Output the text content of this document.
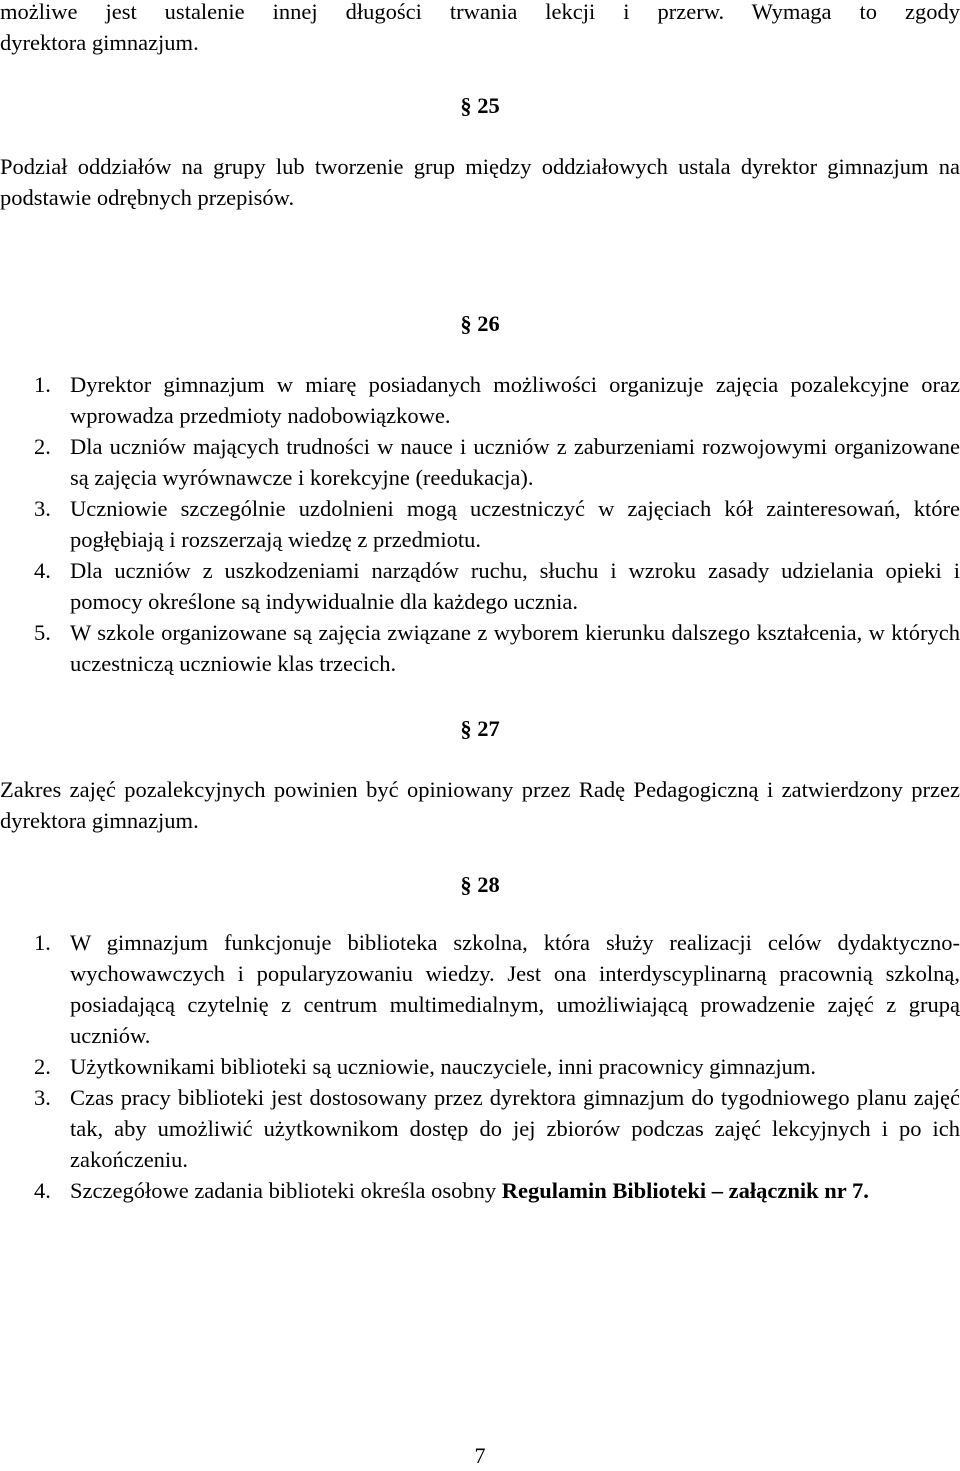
możliwe jest ustalenie innej długości trwania lekcji i przerw. Wymaga to zgody

dyrektora gimnazjum.

§ 25

Podział oddziałów na grupy lub tworzenie grup między oddziałowych ustala dyrektor gimnazjum na podstawie odrębnych przepisów.

§ 26
1. Dyrektor gimnazjum w miarę posiadanych możliwości organizuje zajęcia pozalekcyjne oraz wprowadza przedmioty nadobowiązkowe.
2. Dla uczniów mających trudności w nauce i uczniów z zaburzeniami rozwojowymi organizowane są zajęcia wyrównawcze i korekcyjne (reedukacja).
3. Uczniowie szczególnie uzdolnieni mogą uczestniczyć w zajęciach kół zainteresowań, które pogłębiają i rozszerzają wiedzę z przedmiotu.
4. Dla uczniów z uszkodzeniami narządów ruchu, słuchu i wzroku zasady udzielania opieki i pomocy określone są indywidualnie dla każdego ucznia.
5. W szkole organizowane są zajęcia związane z wyborem kierunku dalszego kształcenia, w których uczestniczą uczniowie klas trzecich.
§ 27

Zakres zajęć pozalekcyjnych powinien być opiniowany przez Radę Pedagogiczną i zatwierdzony przez dyrektora gimnazjum.

§ 28
1. W gimnazjum funkcjonuje biblioteka szkolna, która służy realizacji celów dydaktyczno-wychowawczych i popularyzowaniu wiedzy. Jest ona interdyscyplinarną pracownią szkolną, posiadającą czytelnię z centrum multimedialnym, umożliwiającą prowadzenie zajęć z grupą uczniów.
2. Użytkownikami biblioteki są uczniowie, nauczyciele, inni pracownicy gimnazjum.
3. Czas pracy biblioteki jest dostosowany przez dyrektora gimnazjum do tygodniowego planu zajęć tak, aby umożliwić użytkownikom dostęp do jej zbiorów podczas zajęć lekcyjnych i po ich zakończeniu.
4. Szczegółowe zadania biblioteki określa osobny Regulamin Biblioteki – załącznik nr 7.
7
